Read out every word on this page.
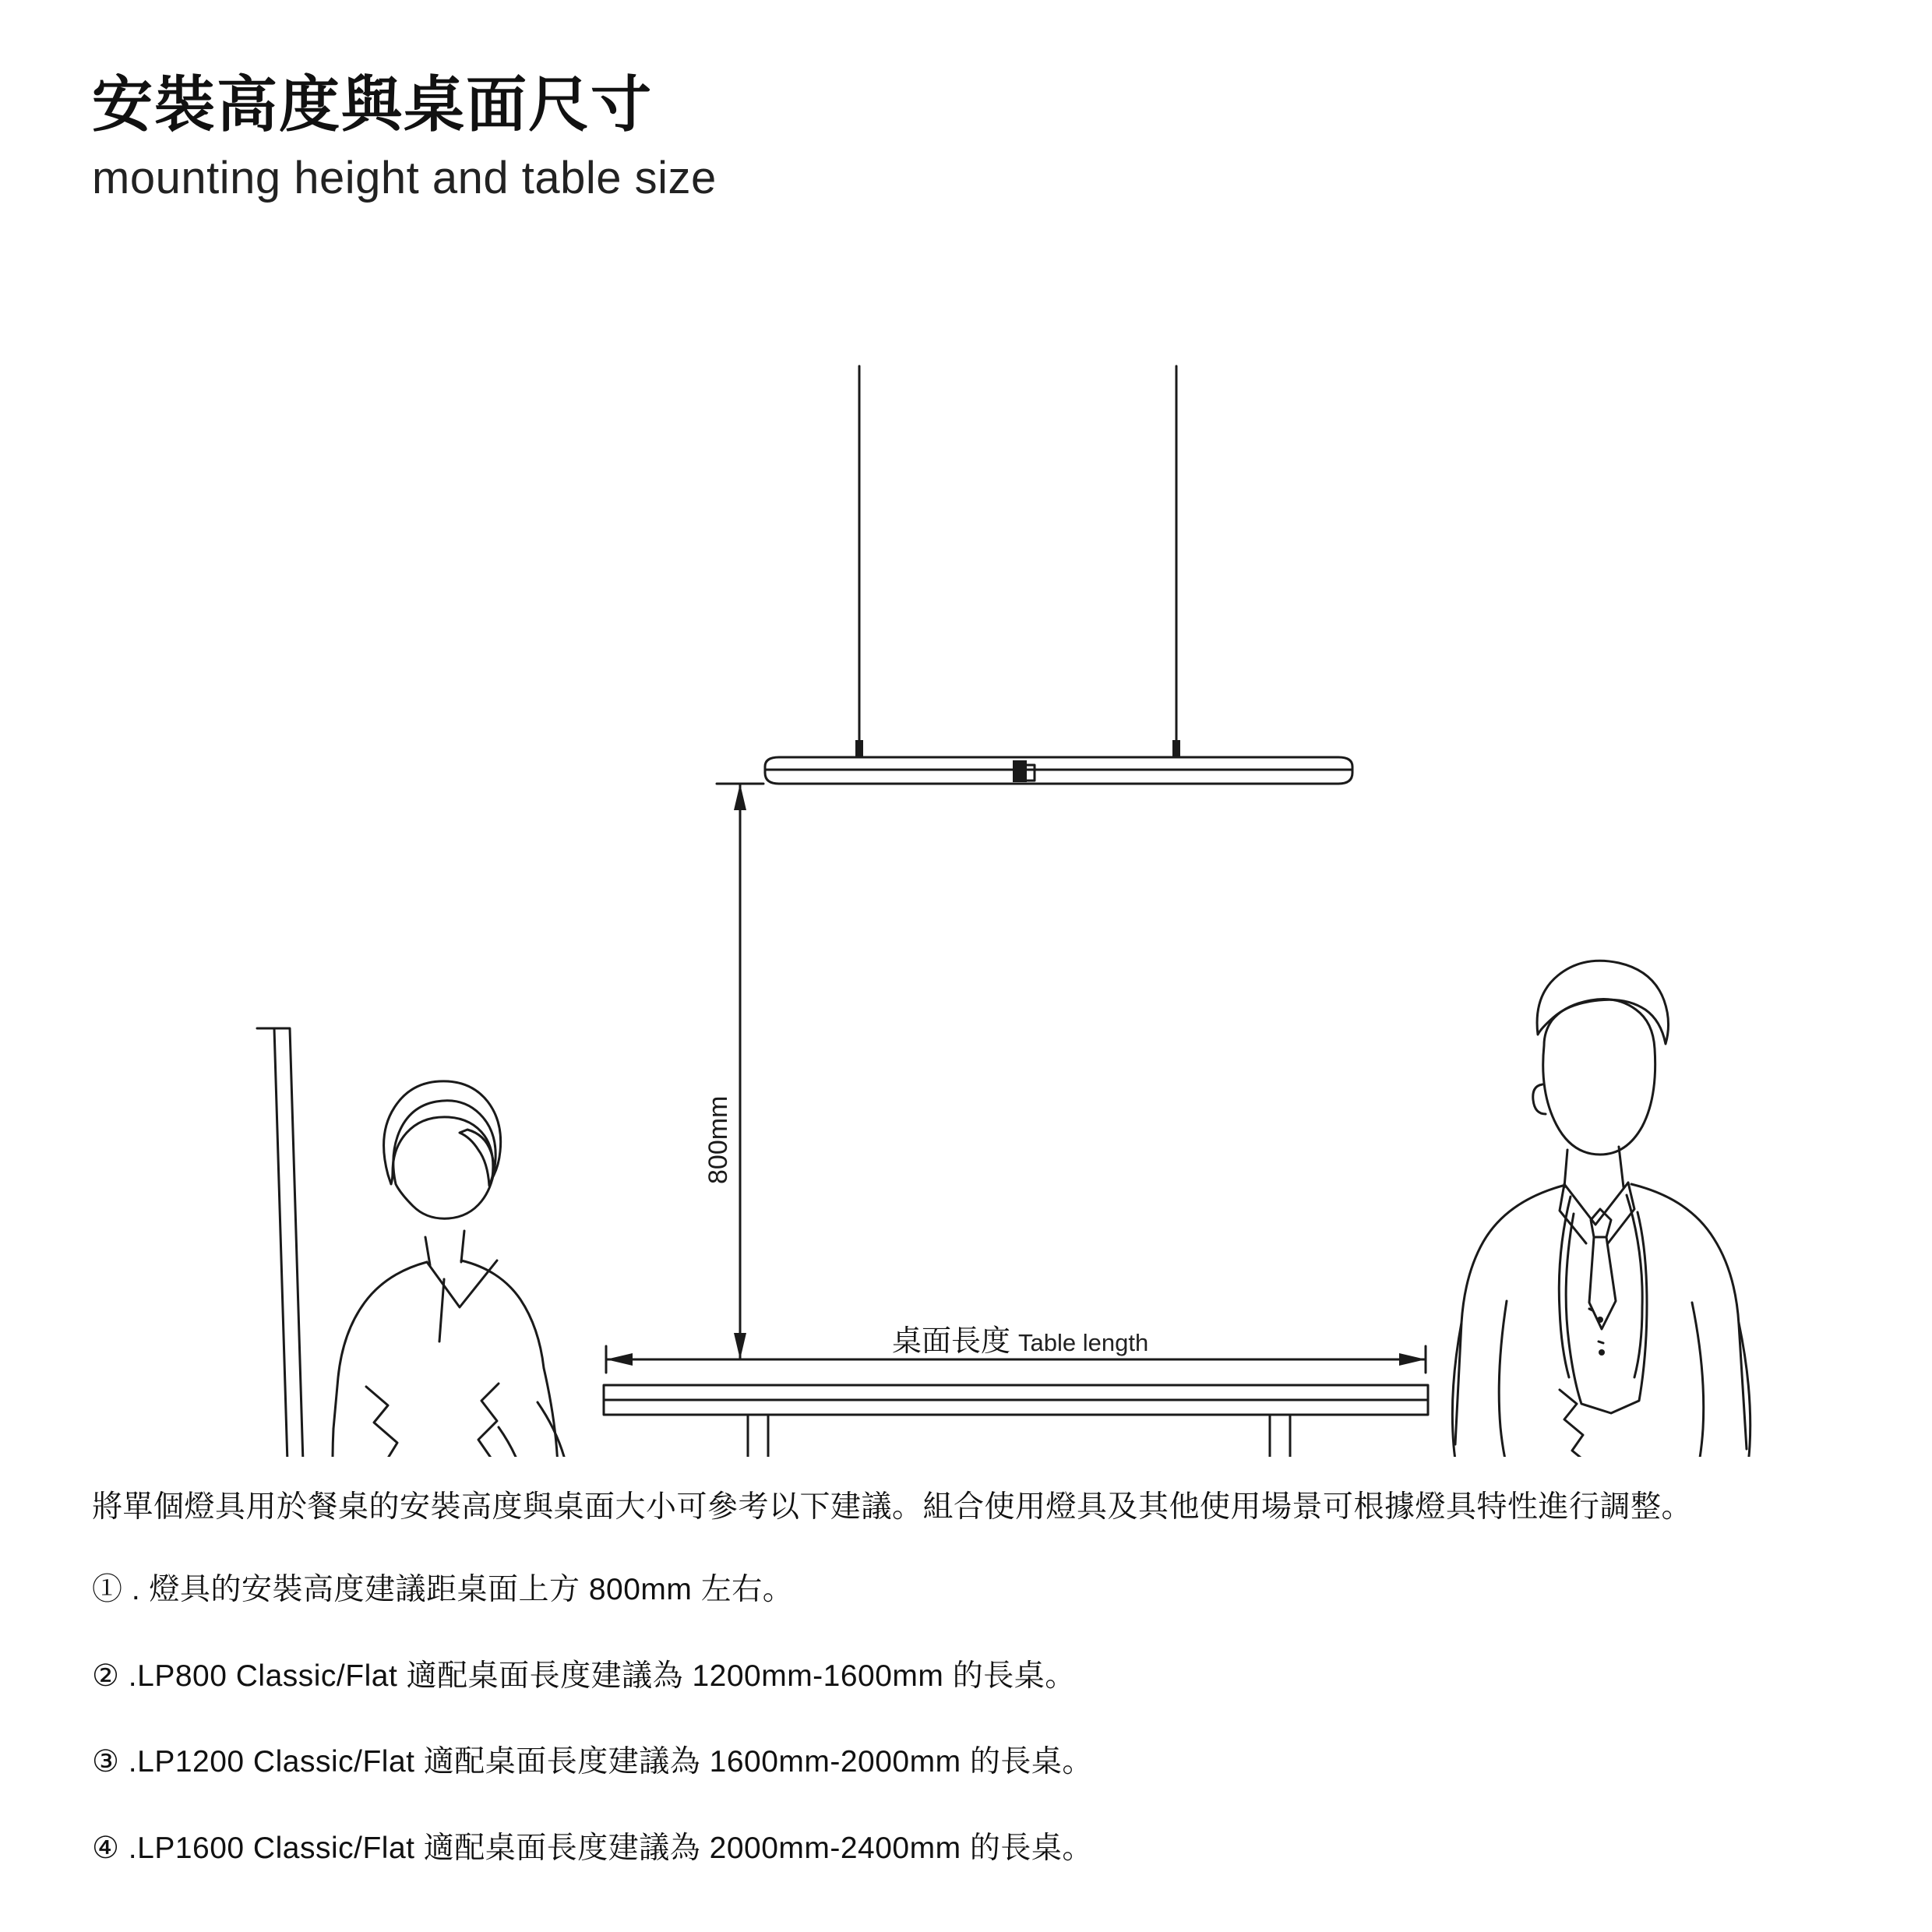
安裝高度與桌面尺寸
mounting height and table size
800mm
桌面長度 Table length

將單個燈具用於餐桌的安裝高度與桌面大小可參考以下建議。組合使用燈具及其他使用場景可根據燈具特性進行調整。

① . 燈具的安裝高度建議距桌面上方 800mm 左右。

② .LP800 Classic/Flat 適配桌面長度建議為 1200mm-1600mm 的長桌。

③ .LP1200 Classic/Flat 適配桌面長度建議為 1600mm-2000mm 的長桌。

④ .LP1600 Classic/Flat 適配桌面長度建議為 2000mm-2400mm 的長桌。
